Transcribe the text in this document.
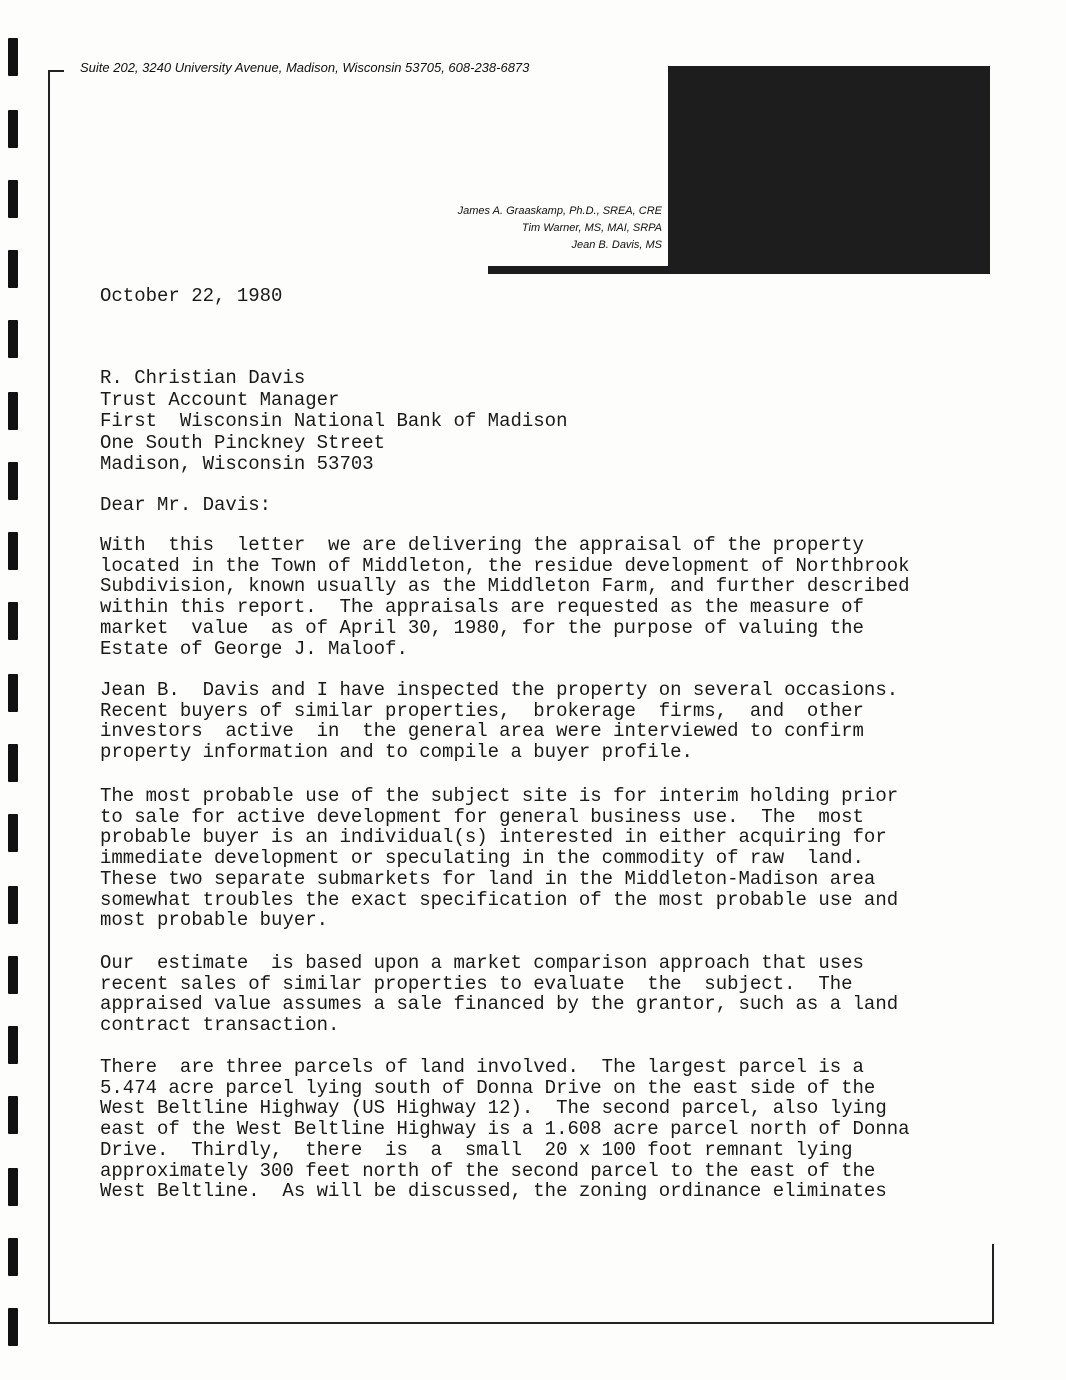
Suite 202, 3240 University Avenue, Madison, Wisconsin 53705, 608-238-6873
James A. Graaskamp, Ph.D., SREA, CRE
Tim Warner, MS, MAI, SRPA
Jean B. Davis, MS
October 22, 1980
R. Christian Davis
Trust Account Manager
First  Wisconsin National Bank of Madison
One South Pinckney Street
Madison, Wisconsin 53703
Dear Mr. Davis:
With  this  letter  we are delivering the appraisal of the property
located in the Town of Middleton, the residue development of Northbrook
Subdivision, known usually as the Middleton Farm, and further described
within this report.  The appraisals are requested as the measure of
market  value  as of April 30, 1980, for the purpose of valuing the
Estate of George J. Maloof.
Jean B.  Davis and I have inspected the property on several occasions.
Recent buyers of similar properties,  brokerage  firms,  and  other
investors  active  in  the general area were interviewed to confirm
property information and to compile a buyer profile.
The most probable use of the subject site is for interim holding prior
to sale for active development for general business use.  The  most
probable buyer is an individual(s) interested in either acquiring for
immediate development or speculating in the commodity of raw  land.
These two separate submarkets for land in the Middleton-Madison area
somewhat troubles the exact specification of the most probable use and
most probable buyer.
Our  estimate  is based upon a market comparison approach that uses
recent sales of similar properties to evaluate  the  subject.  The
appraised value assumes a sale financed by the grantor, such as a land
contract transaction.
There  are three parcels of land involved.  The largest parcel is a
5.474 acre parcel lying south of Donna Drive on the east side of the
West Beltline Highway (US Highway 12).  The second parcel, also lying
east of the West Beltline Highway is a 1.608 acre parcel north of Donna
Drive.  Thirdly,  there  is  a  small  20 x 100 foot remnant lying
approximately 300 feet north of the second parcel to the east of the
West Beltline.  As will be discussed, the zoning ordinance eliminates
